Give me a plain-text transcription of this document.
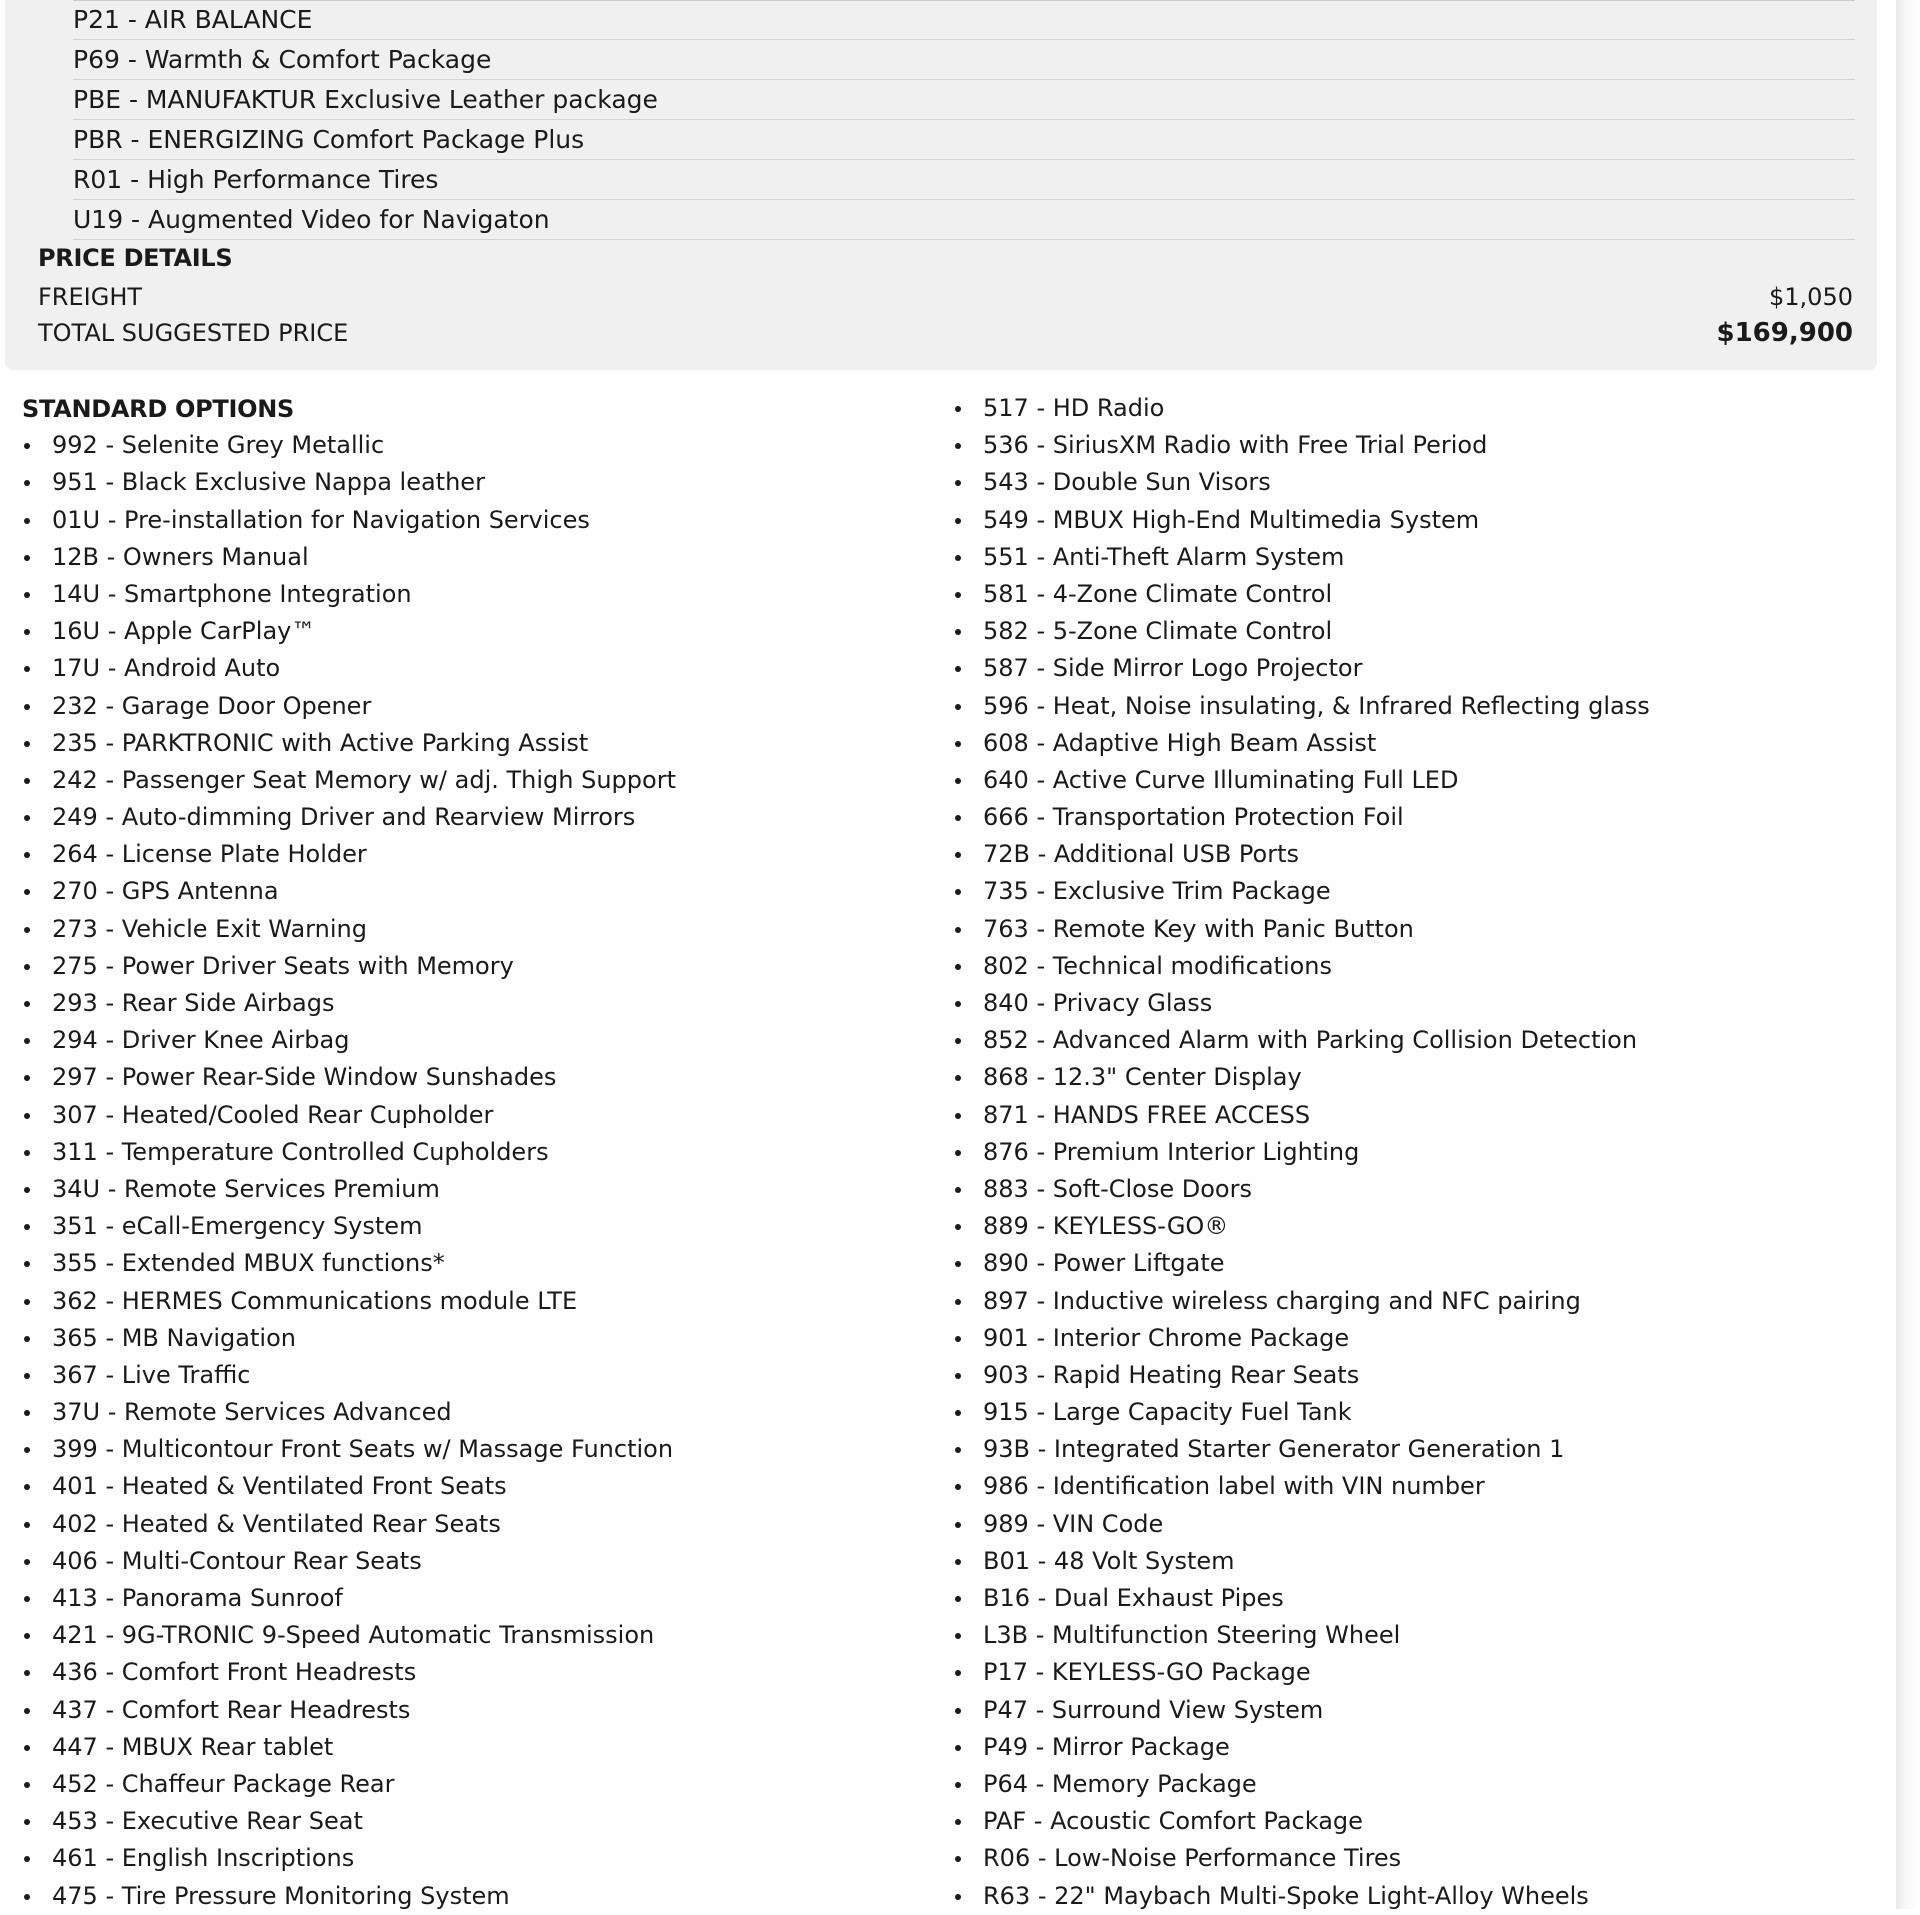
P21 - AIR BALANCE
P69 - Warmth & Comfort Package
PBE - MANUFAKTUR Exclusive Leather package
PBR - ENERGIZING Comfort Package Plus
R01 - High Performance Tires
U19 - Augmented Video for Navigaton
PRICE DETAILS
FREIGHT	$1,050
TOTAL SUGGESTED PRICE	$169,900
STANDARD OPTIONS
992 - Selenite Grey Metallic
951 - Black Exclusive Nappa leather
01U - Pre-installation for Navigation Services
12B - Owners Manual
14U - Smartphone Integration
16U - Apple CarPlay™
17U - Android Auto
232 - Garage Door Opener
235 - PARKTRONIC with Active Parking Assist
242 - Passenger Seat Memory w/ adj. Thigh Support
249 - Auto-dimming Driver and Rearview Mirrors
264 - License Plate Holder
270 - GPS Antenna
273 - Vehicle Exit Warning
275 - Power Driver Seats with Memory
293 - Rear Side Airbags
294 - Driver Knee Airbag
297 - Power Rear-Side Window Sunshades
307 - Heated/Cooled Rear Cupholder
311 - Temperature Controlled Cupholders
34U - Remote Services Premium
351 - eCall-Emergency System
355 - Extended MBUX functions*
362 - HERMES Communications module LTE
365 - MB Navigation
367 - Live Traffic
37U - Remote Services Advanced
399 - Multicontour Front Seats w/ Massage Function
401 - Heated & Ventilated Front Seats
402 - Heated & Ventilated Rear Seats
406 - Multi-Contour Rear Seats
413 - Panorama Sunroof
421 - 9G-TRONIC 9-Speed Automatic Transmission
436 - Comfort Front Headrests
437 - Comfort Rear Headrests
447 - MBUX Rear tablet
452 - Chaffeur Package Rear
453 - Executive Rear Seat
461 - English Inscriptions
475 - Tire Pressure Monitoring System
517 - HD Radio
536 - SiriusXM Radio with Free Trial Period
543 - Double Sun Visors
549 - MBUX High-End Multimedia System
551 - Anti-Theft Alarm System
581 - 4-Zone Climate Control
582 - 5-Zone Climate Control
587 - Side Mirror Logo Projector
596 - Heat, Noise insulating, & Infrared Reflecting glass
608 - Adaptive High Beam Assist
640 - Active Curve Illuminating Full LED
666 - Transportation Protection Foil
72B - Additional USB Ports
735 - Exclusive Trim Package
763 - Remote Key with Panic Button
802 - Technical modifications
840 - Privacy Glass
852 - Advanced Alarm with Parking Collision Detection
868 - 12.3" Center Display
871 - HANDS FREE ACCESS
876 - Premium Interior Lighting
883 - Soft-Close Doors
889 - KEYLESS-GO®
890 - Power Liftgate
897 - Inductive wireless charging and NFC pairing
901 - Interior Chrome Package
903 - Rapid Heating Rear Seats
915 - Large Capacity Fuel Tank
93B - Integrated Starter Generator Generation 1
986 - Identification label with VIN number
989 - VIN Code
B01 - 48 Volt System
B16 - Dual Exhaust Pipes
L3B - Multifunction Steering Wheel
P17 - KEYLESS-GO Package
P47 - Surround View System
P49 - Mirror Package
P64 - Memory Package
PAF - Acoustic Comfort Package
R06 - Low-Noise Performance Tires
R63 - 22" Maybach Multi-Spoke Light-Alloy Wheels
